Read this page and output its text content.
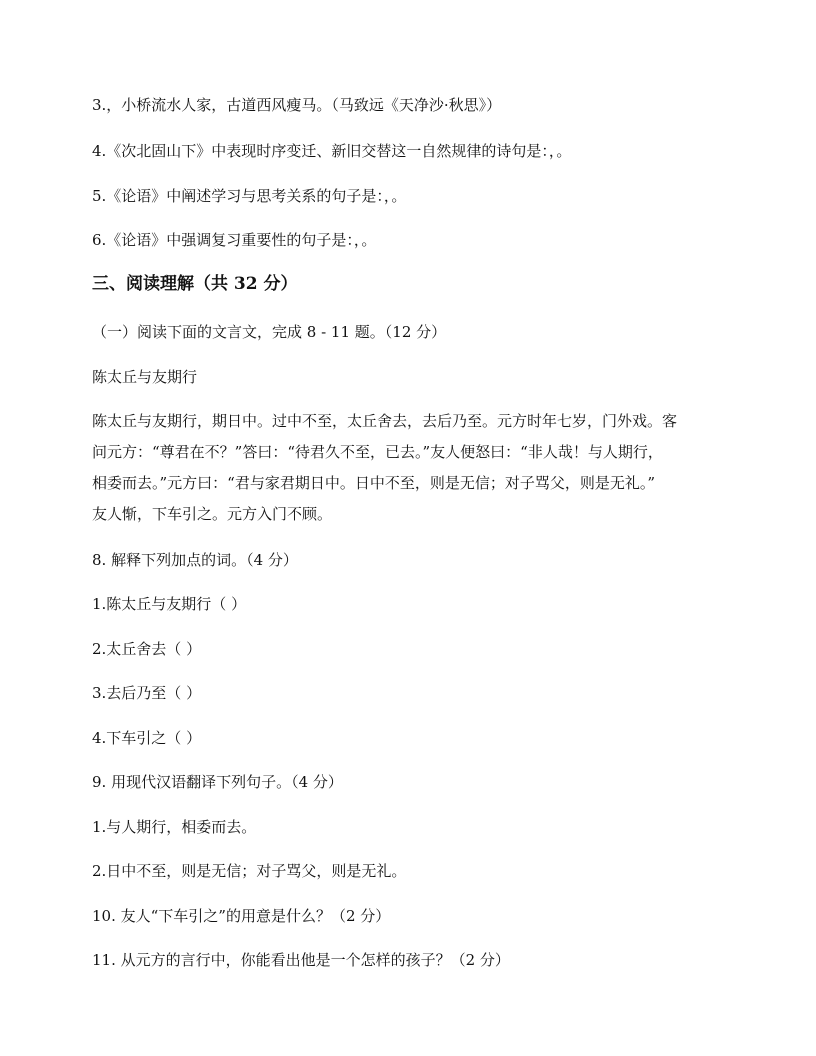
3.，小桥流水人家，古道西风瘦马。（马致远《天净沙·秋思》）

4.《次北固山下》中表现时序变迁、新旧交替这一自然规律的诗句是：，。

5.《论语》中阐述学习与思考关系的句子是：，。

6.《论语》中强调复习重要性的句子是：，。

三、阅读理解（共 32 分）

（一）阅读下面的文言文，完成 8 - 11 题。（12 分）

陈太丘与友期行

陈太丘与友期行，期日中。过中不至，太丘舍去，去后乃至。元方时年七岁，门外戏。客
问元方：“尊君在不？”答曰：“待君久不至，已去。”友人便怒曰：“非人哉！与人期行，
相委而去。”元方曰：“君与家君期日中。日中不至，则是无信；对子骂父，则是无礼。”
友人惭，下车引之。元方入门不顾。

8. 解释下列加点的词。（4 分）

1.陈太丘与友期行（ ）

2.太丘舍去（ ）

3.去后乃至（ ）

4.下车引之（ ）

9. 用现代汉语翻译下列句子。（4 分）

1.与人期行，相委而去。

2.日中不至，则是无信；对子骂父，则是无礼。

10. 友人“下车引之”的用意是什么？（2 分）

11. 从元方的言行中，你能看出他是一个怎样的孩子？（2 分）
